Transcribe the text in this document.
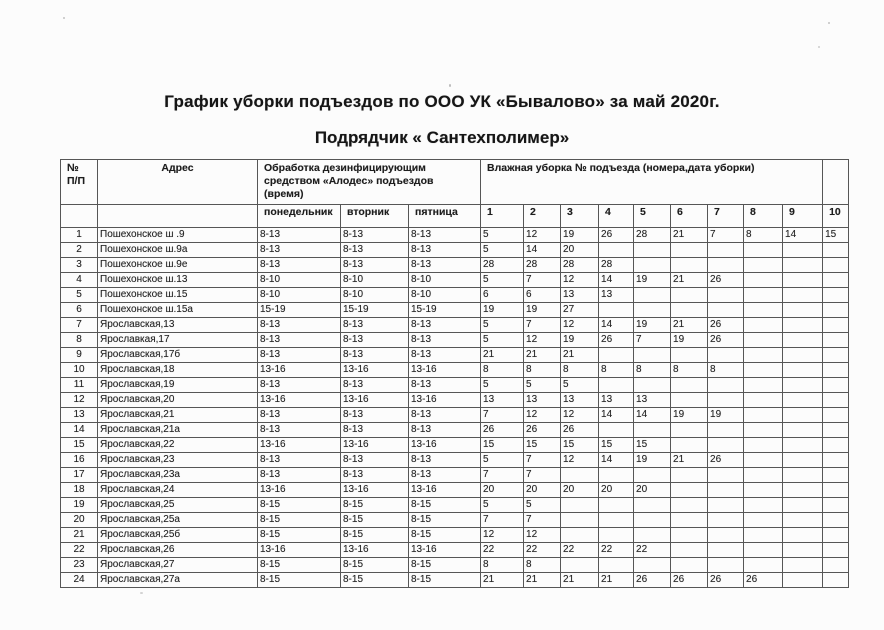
График уборки подъездов по ООО УК «Бывалово» за май 2020г.
Подрядчик « Сантехполимер»
№
П/П	Адрес	Обработка дезинфицирующим средством «Алодес» подъездов (время)			Влажная уборка № подъезда (номера,дата уборки)									
		понедельник	вторник	пятница	1	2	3	4	5	6	7	8	9	10
1	Пошехонское ш .9	8-13	8-13	8-13	5	12	19	26	28	21	7	8	14	15
2	Пошехонское ш.9а	8-13	8-13	8-13	5	14	20							
3	Пошехонское ш.9е	8-13	8-13	8-13	28	28	28	28						
4	Пошехонское ш.13	8-10	8-10	8-10	5	7	12	14	19	21	26			
5	Пошехонское ш.15	8-10	8-10	8-10	6	6	13	13						
6	Пошехонское ш.15а	15-19	15-19	15-19	19	19	27							
7	Ярославская,13	8-13	8-13	8-13	5	7	12	14	19	21	26			
8	Ярославкая,17	8-13	8-13	8-13	5	12	19	26	7	19	26			
9	Ярославская,17б	8-13	8-13	8-13	21	21	21							
10	Ярославская,18	13-16	13-16	13-16	8	8	8	8	8	8	8			
11	Ярославская,19	8-13	8-13	8-13	5	5	5							
12	Ярославская,20	13-16	13-16	13-16	13	13	13	13	13					
13	Ярославская,21	8-13	8-13	8-13	7	12	12	14	14	19	19			
14	Ярославская,21а	8-13	8-13	8-13	26	26	26							
15	Ярославская,22	13-16	13-16	13-16	15	15	15	15	15					
16	Ярославская,23	8-13	8-13	8-13	5	7	12	14	19	21	26			
17	Ярославская,23а	8-13	8-13	8-13	7	7								
18	Ярославская,24	13-16	13-16	13-16	20	20	20	20	20					
19	Ярославская,25	8-15	8-15	8-15	5	5								
20	Ярославская,25а	8-15	8-15	8-15	7	7								
21	Ярославская,25б	8-15	8-15	8-15	12	12								
22	Ярославская,26	13-16	13-16	13-16	22	22	22	22	22					
23	Ярославская,27	8-15	8-15	8-15	8	8								
24	Ярославская,27а	8-15	8-15	8-15	21	21	21	21	26	26	26	26		
